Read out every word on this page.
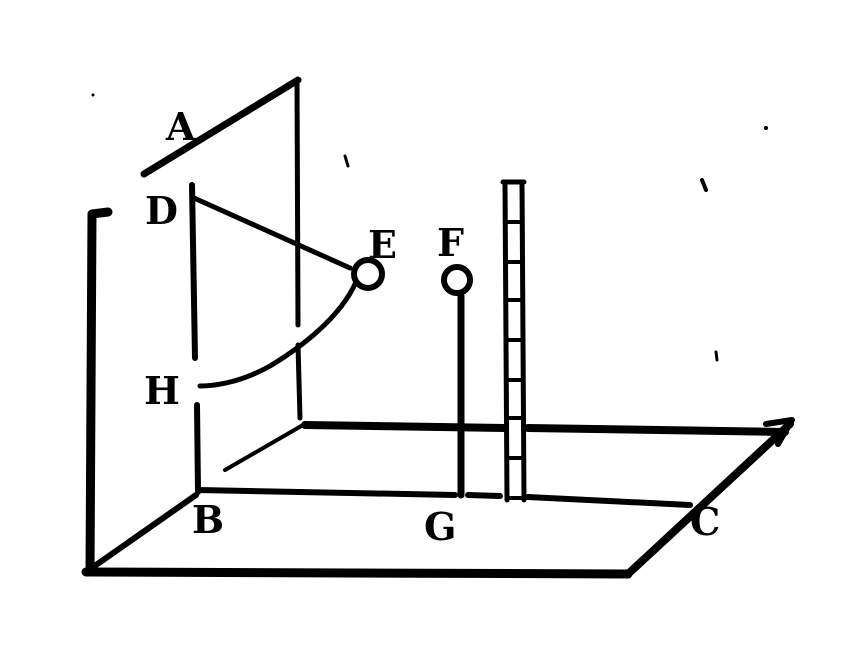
A
D
E F
H
B	G	C
